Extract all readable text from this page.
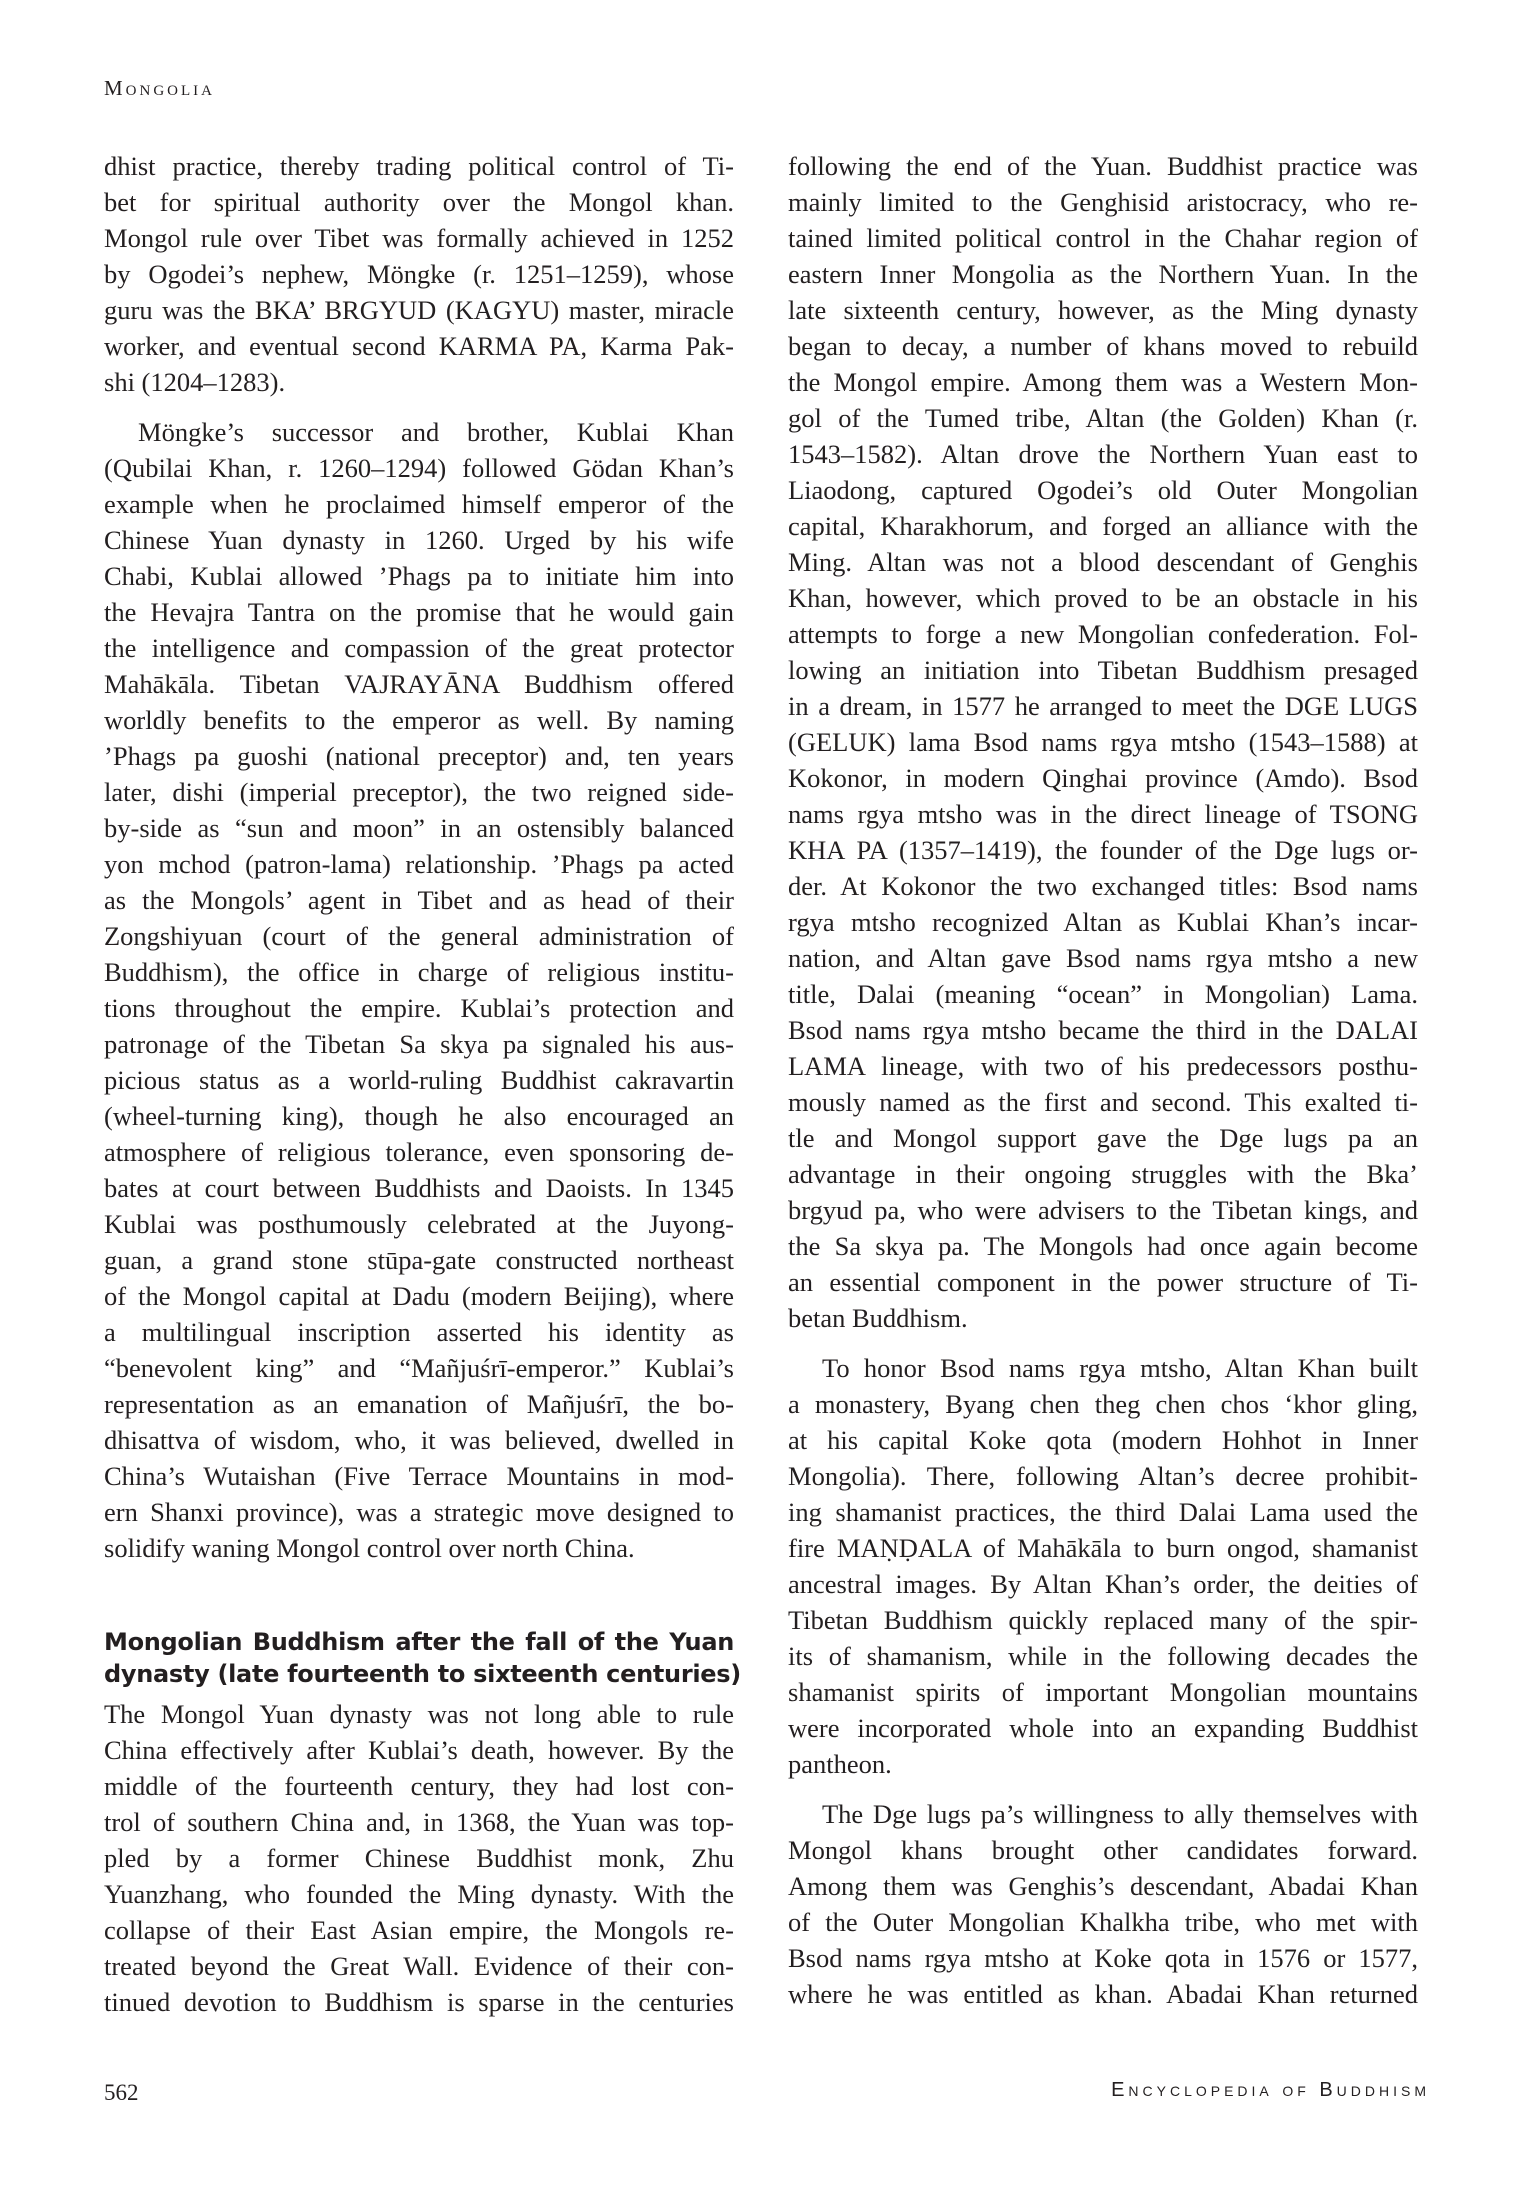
Mongolia
dhist practice, thereby trading political control of Ti-
bet for spiritual authority over the Mongol khan.
Mongol rule over Tibet was formally achieved in 1252
by Ogodei’s nephew, Möngke (r. 1251–1259), whose
guru was the BKA’ BRGYUD (KAGYU) master, miracle
worker, and eventual second KARMA PA, Karma Pak-
shi (1204–1283).
Möngke’s successor and brother, Kublai Khan
(Qubilai Khan, r. 1260–1294) followed Gödan Khan’s
example when he proclaimed himself emperor of the
Chinese Yuan dynasty in 1260. Urged by his wife
Chabi, Kublai allowed ’Phags pa to initiate him into
the Hevajra Tantra on the promise that he would gain
the intelligence and compassion of the great protector
Mahākāla. Tibetan VAJRAYĀNA Buddhism offered
worldly benefits to the emperor as well. By naming
’Phags pa guoshi (national preceptor) and, ten years
later, dishi (imperial preceptor), the two reigned side-
by-side as “sun and moon” in an ostensibly balanced
yon mchod (patron-lama) relationship. ’Phags pa acted
as the Mongols’ agent in Tibet and as head of their
Zongshiyuan (court of the general administration of
Buddhism), the office in charge of religious institu-
tions throughout the empire. Kublai’s protection and
patronage of the Tibetan Sa skya pa signaled his aus-
picious status as a world-ruling Buddhist cakravartin
(wheel-turning king), though he also encouraged an
atmosphere of religious tolerance, even sponsoring de-
bates at court between Buddhists and Daoists. In 1345
Kublai was posthumously celebrated at the Juyong-
guan, a grand stone stūpa-gate constructed northeast
of the Mongol capital at Dadu (modern Beijing), where
a multilingual inscription asserted his identity as
“benevolent king” and “Mañjuśrī-emperor.” Kublai’s
representation as an emanation of Mañjuśrī, the bo-
dhisattva of wisdom, who, it was believed, dwelled in
China’s Wutaishan (Five Terrace Mountains in mod-
ern Shanxi province), was a strategic move designed to
solidify waning Mongol control over north China.
Mongolian Buddhism after the fall of the Yuan
dynasty (late fourteenth to sixteenth centuries)
The Mongol Yuan dynasty was not long able to rule
China effectively after Kublai’s death, however. By the
middle of the fourteenth century, they had lost con-
trol of southern China and, in 1368, the Yuan was top-
pled by a former Chinese Buddhist monk, Zhu
Yuanzhang, who founded the Ming dynasty. With the
collapse of their East Asian empire, the Mongols re-
treated beyond the Great Wall. Evidence of their con-
tinued devotion to Buddhism is sparse in the centuries
following the end of the Yuan. Buddhist practice was
mainly limited to the Genghisid aristocracy, who re-
tained limited political control in the Chahar region of
eastern Inner Mongolia as the Northern Yuan. In the
late sixteenth century, however, as the Ming dynasty
began to decay, a number of khans moved to rebuild
the Mongol empire. Among them was a Western Mon-
gol of the Tumed tribe, Altan (the Golden) Khan (r.
1543–1582). Altan drove the Northern Yuan east to
Liaodong, captured Ogodei’s old Outer Mongolian
capital, Kharakhorum, and forged an alliance with the
Ming. Altan was not a blood descendant of Genghis
Khan, however, which proved to be an obstacle in his
attempts to forge a new Mongolian confederation. Fol-
lowing an initiation into Tibetan Buddhism presaged
in a dream, in 1577 he arranged to meet the DGE LUGS
(GELUK) lama Bsod nams rgya mtsho (1543–1588) at
Kokonor, in modern Qinghai province (Amdo). Bsod
nams rgya mtsho was in the direct lineage of TSONG
KHA PA (1357–1419), the founder of the Dge lugs or-
der. At Kokonor the two exchanged titles: Bsod nams
rgya mtsho recognized Altan as Kublai Khan’s incar-
nation, and Altan gave Bsod nams rgya mtsho a new
title, Dalai (meaning “ocean” in Mongolian) Lama.
Bsod nams rgya mtsho became the third in the DALAI
LAMA lineage, with two of his predecessors posthu-
mously named as the first and second. This exalted ti-
tle and Mongol support gave the Dge lugs pa an
advantage in their ongoing struggles with the Bka’
brgyud pa, who were advisers to the Tibetan kings, and
the Sa skya pa. The Mongols had once again become
an essential component in the power structure of Ti-
betan Buddhism.
To honor Bsod nams rgya mtsho, Altan Khan built
a monastery, Byang chen theg chen chos ‘khor gling,
at his capital Koke qota (modern Hohhot in Inner
Mongolia). There, following Altan’s decree prohibit-
ing shamanist practices, the third Dalai Lama used the
fire MAṆḌALA of Mahākāla to burn ongod, shamanist
ancestral images. By Altan Khan’s order, the deities of
Tibetan Buddhism quickly replaced many of the spir-
its of shamanism, while in the following decades the
shamanist spirits of important Mongolian mountains
were incorporated whole into an expanding Buddhist
pantheon.
The Dge lugs pa’s willingness to ally themselves with
Mongol khans brought other candidates forward.
Among them was Genghis’s descendant, Abadai Khan
of the Outer Mongolian Khalkha tribe, who met with
Bsod nams rgya mtsho at Koke qota in 1576 or 1577,
where he was entitled as khan. Abadai Khan returned
562	Encyclopedia of Buddhism
